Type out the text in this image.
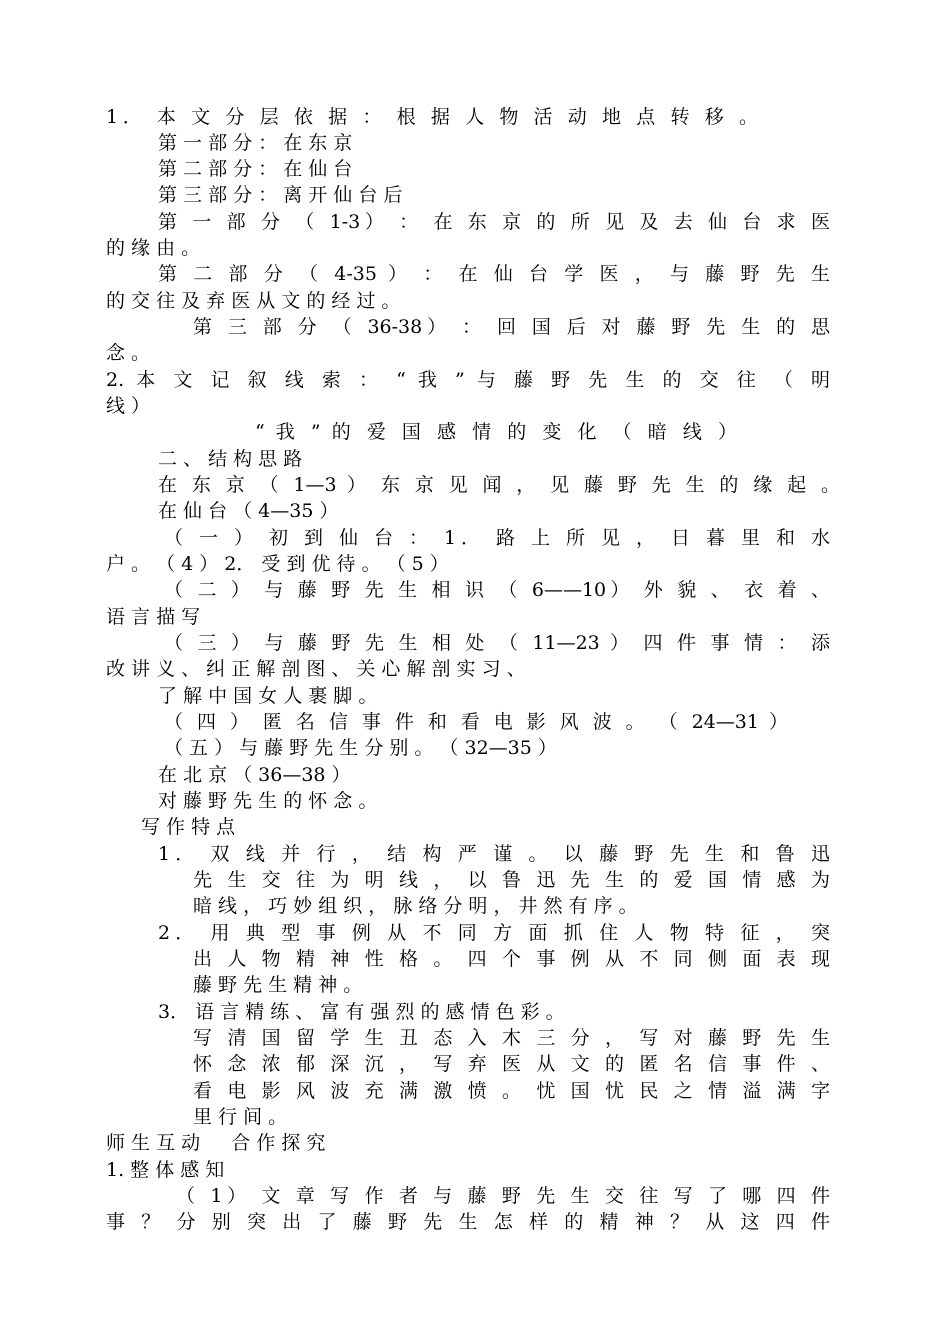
1． 本 文 分 层 依 据 ： 根 据 人 物 活 动 地 点 转 移 。
第 一 部 分 ： 在 东 京
第 二 部 分 ： 在 仙 台
第 三 部 分 ： 离 开 仙 台 后
第 一 部 分 （ 1-3） ： 在 东 京 的 所 见 及 去 仙 台 求 医
的 缘 由 。
第 二 部 分 （ 4-35 ） ： 在 仙 台 学 医 ， 与 藤 野 先 生
的 交 往 及 弃 医 从 文 的 经 过 。
第 三 部 分 （ 36-38） ： 回 国 后 对 藤 野 先 生 的 思
念 。
2. 本 文 记 叙 线 索 ： “ 我 ” 与 藤 野 先 生 的 交 往 （ 明
线 ）
“ 我 ” 的 爱 国 感 情 的 变 化 （ 暗 线 ）
二 、 结 构 思 路
在 东 京 （ 1—3 ） 东 京 见 闻 ， 见 藤 野 先 生 的 缘 起 。
在 仙 台 （ 4—35 ）
（ 一 ） 初 到 仙 台 ： 1． 路 上 所 见 ， 日 暮 里 和 水
户 。 （ 4 ） 2． 受 到 优 待 。 （ 5 ）
（ 二 ） 与 藤 野 先 生 相 识 （ 6——10） 外 貌 、 衣 着 、
语 言 描 写
（ 三 ） 与 藤 野 先 生 相 处 （ 11—23 ） 四 件 事 情 ： 添
改 讲 义 、 纠 正 解 剖 图 、 关 心 解 剖 实 习 、
了 解 中 国 女 人 裹 脚 。
（ 四 ） 匿 名 信 事 件 和 看 电 影 风 波 。 （ 24—31 ）
（ 五 ） 与 藤 野 先 生 分 别 。 （ 32—35 ）
在 北 京 （ 36—38 ）
对 藤 野 先 生 的 怀 念 。
写 作 特 点
1． 双 线 并 行 ， 结 构 严 谨 。 以 藤 野 先 生 和 鲁 迅
先 生 交 往 为 明 线 ， 以 鲁 迅 先 生 的 爱 国 情 感 为
暗 线 ， 巧 妙 组 织 ， 脉 络 分 明 ， 井 然 有 序 。
2． 用 典 型 事 例 从 不 同 方 面 抓 住 人 物 特 征 ， 突
出 人 物 精 神 性 格 。 四 个 事 例 从 不 同 侧 面 表 现
藤 野 先 生 精 神 。
3． 语 言 精 练 、 富 有 强 烈 的 感 情 色 彩 。
写 清 国 留 学 生 丑 态 入 木 三 分 ， 写 对 藤 野 先 生
怀 念 浓 郁 深 沉 ， 写 弃 医 从 文 的 匿 名 信 事 件 、
看 电 影 风 波 充 满 激 愤 。 忧 国 忧 民 之 情 溢 满 字
里 行 间 。
师 生 互 动 　 合 作 探 究
1. 整 体 感 知
（ 1） 文 章 写 作 者 与 藤 野 先 生 交 往 写 了 哪 四 件
事 ？ 分 别 突 出 了 藤 野 先 生 怎 样 的 精 神 ？ 从 这 四 件
